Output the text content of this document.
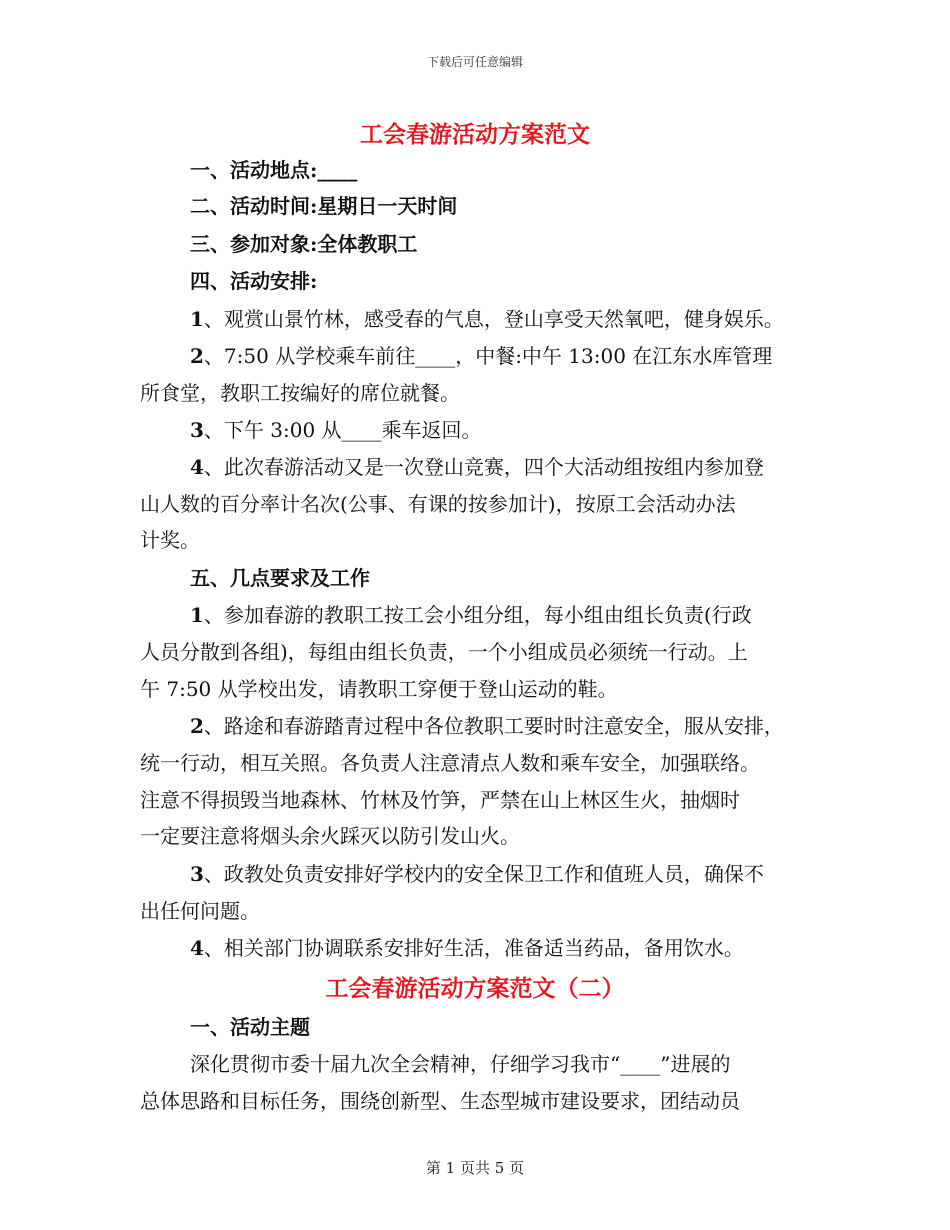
下载后可任意编辑
工会春游活动方案范文
一、活动地点:____
二、活动时间:星期日一天时间
三、参加对象:全体教职工
四、活动安排:
1、观赏山景竹林，感受春的气息，登山享受天然氧吧，健身娱乐。
2、7:50 从学校乘车前往____，中餐:中午 13:00 在江东水库管理
所食堂，教职工按编好的席位就餐。
3、下午 3:00 从____乘车返回。
4、此次春游活动又是一次登山竞赛，四个大活动组按组内参加登
山人数的百分率计名次(公事、有课的按参加计)，按原工会活动办法
计奖。
五、几点要求及工作
1、参加春游的教职工按工会小组分组，每小组由组长负责(行政
人员分散到各组)，每组由组长负责，一个小组成员必须统一行动。上
午 7:50 从学校出发，请教职工穿便于登山运动的鞋。
2、路途和春游踏青过程中各位教职工要时时注意安全，服从安排，
统一行动，相互关照。各负责人注意清点人数和乘车安全，加强联络。
注意不得损毁当地森林、竹林及竹笋，严禁在山上林区生火，抽烟时
一定要注意将烟头余火踩灭以防引发山火。
3、政教处负责安排好学校内的安全保卫工作和值班人员，确保不
出任何问题。
4、相关部门协调联系安排好生活，准备适当药品，备用饮水。
工会春游活动方案范文（二）
一、活动主题
深化贯彻市委十届九次全会精神，仔细学习我市“____”进展的
总体思路和目标任务，围绕创新型、生态型城市建设要求，团结动员
第 1 页共 5 页
